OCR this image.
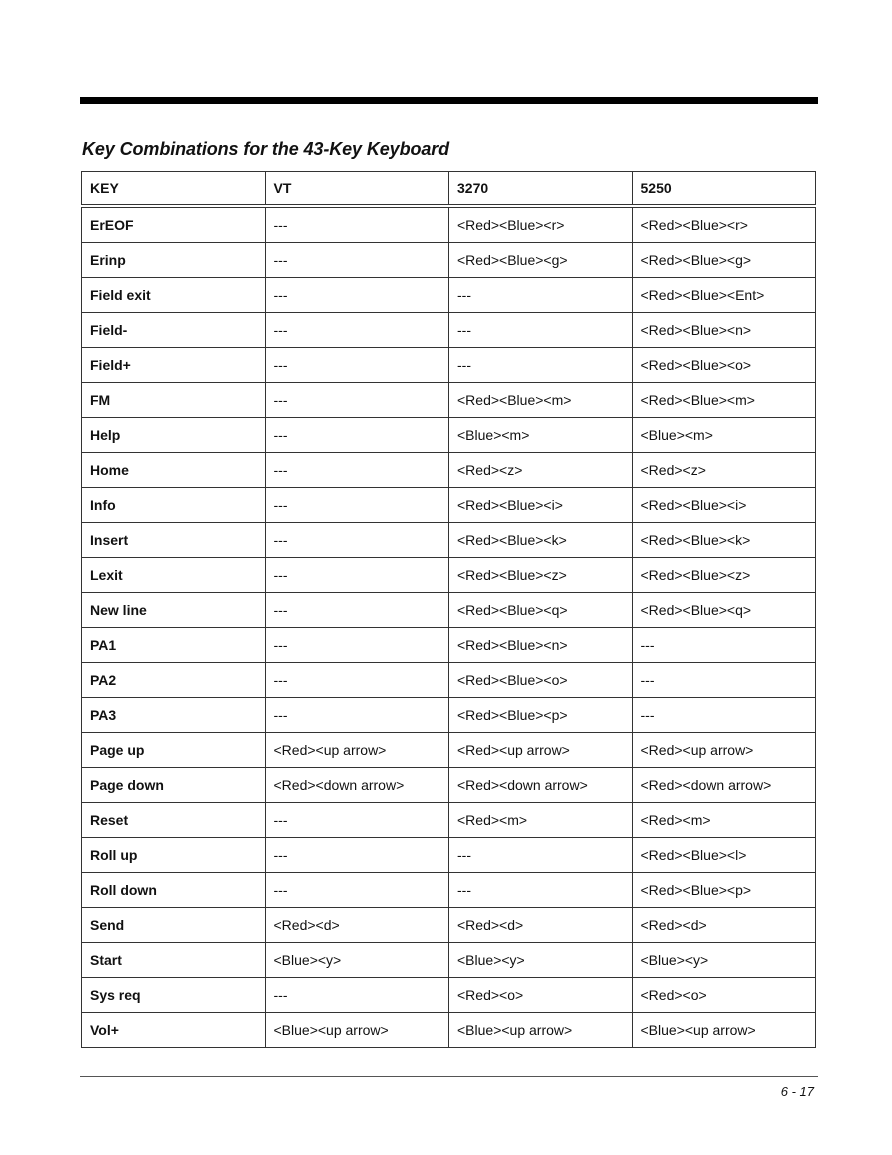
Key Combinations for the 43-Key Keyboard
KEY	VT	3270	5250
ErEOF	---	<Red><Blue><r>	<Red><Blue><r>
Erinp	---	<Red><Blue><g>	<Red><Blue><g>
Field exit	---	---	<Red><Blue><Ent>
Field-	---	---	<Red><Blue><n>
Field+	---	---	<Red><Blue><o>
FM	---	<Red><Blue><m>	<Red><Blue><m>
Help	---	<Blue><m>	<Blue><m>
Home	---	<Red><z>	<Red><z>
Info	---	<Red><Blue><i>	<Red><Blue><i>
Insert	---	<Red><Blue><k>	<Red><Blue><k>
Lexit	---	<Red><Blue><z>	<Red><Blue><z>
New line	---	<Red><Blue><q>	<Red><Blue><q>
PA1	---	<Red><Blue><n>	---
PA2	---	<Red><Blue><o>	---
PA3	---	<Red><Blue><p>	---
Page up	<Red><up arrow>	<Red><up arrow>	<Red><up arrow>
Page down	<Red><down arrow>	<Red><down arrow>	<Red><down arrow>
Reset	---	<Red><m>	<Red><m>
Roll up	---	---	<Red><Blue><l>
Roll down	---	---	<Red><Blue><p>
Send	<Red><d>	<Red><d>	<Red><d>
Start	<Blue><y>	<Blue><y>	<Blue><y>
Sys req	---	<Red><o>	<Red><o>
Vol+	<Blue><up arrow>	<Blue><up arrow>	<Blue><up arrow>
6 - 17
